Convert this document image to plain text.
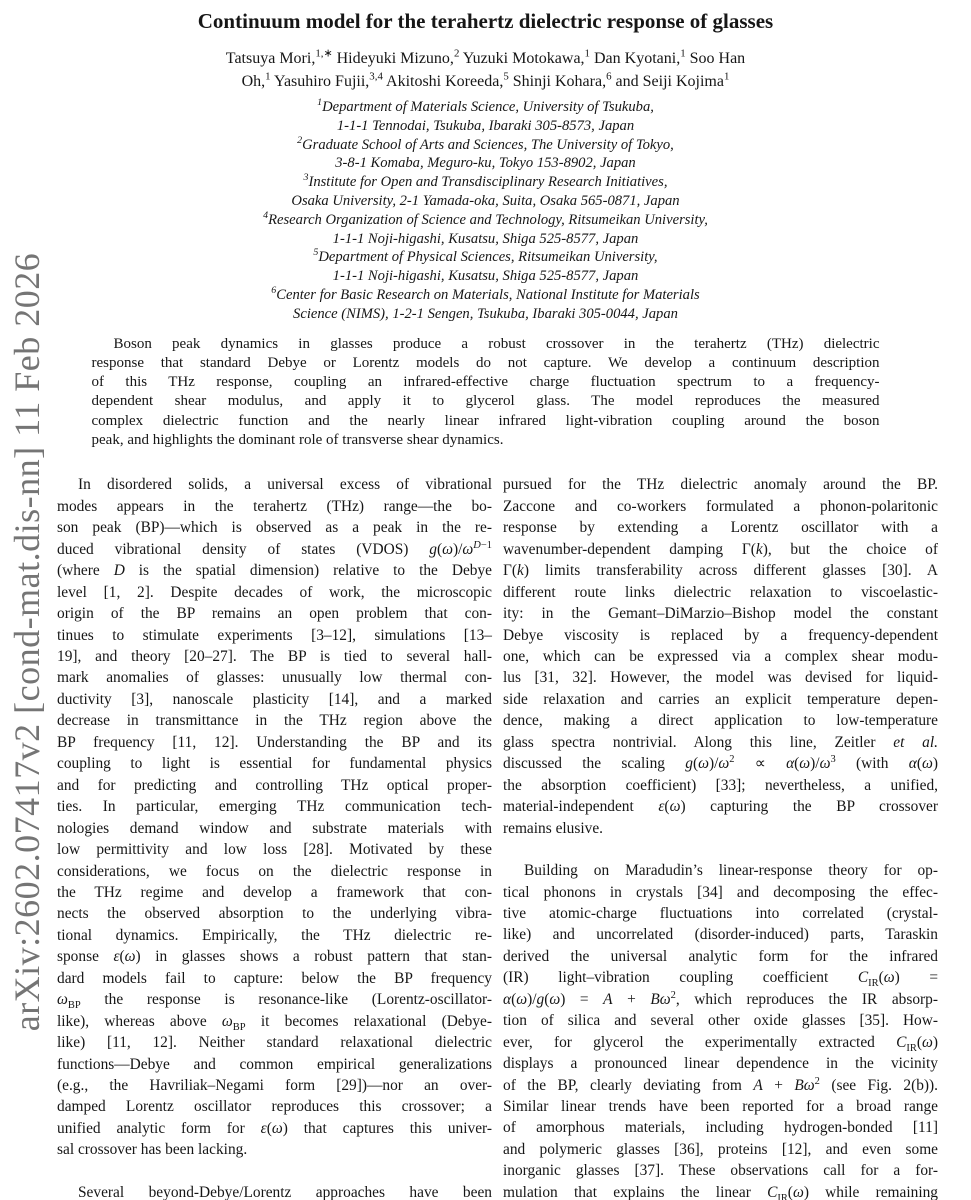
arXiv:2602.07417v2 [cond-mat.dis-nn] 11 Feb 2026
Continuum model for the terahertz dielectric response of glasses
Tatsuya Mori,$^{1,∗}$ Hideyuki Mizuno,$^2$ Yuzuki Motokawa,$^1$ Dan Kyotani,$^1$ Soo Han
Oh,$^1$ Yasuhiro Fujii,$^{3,4}$ Akitoshi Koreeda,$^5$ Shinji Kohara,$^6$ and Seiji Kojima$^1$
$^1$Department of Materials Science, University of Tsukuba,
1-1-1 Tennodai, Tsukuba, Ibaraki 305-8573, Japan
$^2$Graduate School of Arts and Sciences, The University of Tokyo,
3-8-1 Komaba, Meguro-ku, Tokyo 153-8902, Japan
$^3$Institute for Open and Transdisciplinary Research Initiatives,
Osaka University, 2-1 Yamada-oka, Suita, Osaka 565-0871, Japan
$^4$Research Organization of Science and Technology, Ritsumeikan University,
1-1-1 Noji-higashi, Kusatsu, Shiga 525-8577, Japan
$^5$Department of Physical Sciences, Ritsumeikan University,
1-1-1 Noji-higashi, Kusatsu, Shiga 525-8577, Japan
$^6$Center for Basic Research on Materials, National Institute for Materials
Science (NIMS), 1-2-1 Sengen, Tsukuba, Ibaraki 305-0044, Japan
Boson peak dynamics in glasses produce a robust crossover in the terahertz (THz) dielectric
response that standard Debye or Lorentz models do not capture. We develop a continuum description
of this THz response, coupling an infrared-effective charge fluctuation spectrum to a frequency-
dependent shear modulus, and apply it to glycerol glass. The model reproduces the measured
complex dielectric function and the nearly linear infrared light-vibration coupling around the boson
peak, and highlights the dominant role of transverse shear dynamics.
In disordered solids, a universal excess of vibrational
modes appears in the terahertz (THz) range—the bo-
son peak (BP)—which is observed as a peak in the re-
duced vibrational density of states (VDOS) $g(\omega)/\omega^{D-1}$
(where D is the spatial dimension) relative to the Debye
level [1, 2]. Despite decades of work, the microscopic
origin of the BP remains an open problem that con-
tinues to stimulate experiments [3–12], simulations [13–
19], and theory [20–27]. The BP is tied to several hall-
mark anomalies of glasses: unusually low thermal con-
ductivity [3], nanoscale plasticity [14], and a marked
decrease in transmittance in the THz region above the
BP frequency [11, 12]. Understanding the BP and its
coupling to light is essential for fundamental physics
and for predicting and controlling THz optical proper-
ties. In particular, emerging THz communication tech-
nologies demand window and substrate materials with
low permittivity and low loss [28]. Motivated by these
considerations, we focus on the dielectric response in
the THz regime and develop a framework that con-
nects the observed absorption to the underlying vibra-
tional dynamics. Empirically, the THz dielectric re-
sponse ε(ω) in glasses shows a robust pattern that stan-
dard models fail to capture: below the BP frequency
$\omega_{BP}$ the response is resonance-like (Lorentz-oscillator-
like), whereas above $\omega_{BP}$ it becomes relaxational (Debye-
like) [11, 12]. Neither standard relaxational dielectric
functions—Debye and common empirical generalizations
(e.g., the Havriliak–Negami form [29])—nor an over-
damped Lorentz oscillator reproduces this crossover; a
unified analytic form for ε(ω) that captures this univer-
sal crossover has been lacking.
Several beyond-Debye/Lorentz approaches have been
pursued for the THz dielectric anomaly around the BP.
Zaccone and co-workers formulated a phonon-polaritonic
response by extending a Lorentz oscillator with a
wavenumber-dependent damping Γ(k), but the choice of
Γ(k) limits transferability across different glasses [30]. A
different route links dielectric relaxation to viscoelastic-
ity: in the Gemant–DiMarzio–Bishop model the constant
Debye viscosity is replaced by a frequency-dependent
one, which can be expressed via a complex shear modu-
lus [31, 32]. However, the model was devised for liquid-
side relaxation and carries an explicit temperature depen-
dence, making a direct application to low-temperature
glass spectra nontrivial. Along this line, Zeitler et al.
discussed the scaling $g(\omega)/\omega^2 \propto \alpha(\omega)/\omega^3$ (with α(ω)
the absorption coefficient) [33]; nevertheless, a unified,
material-independent ε(ω) capturing the BP crossover
remains elusive.
Building on Maradudin’s linear-response theory for op-
tical phonons in crystals [34] and decomposing the effec-
tive atomic-charge fluctuations into correlated (crystal-
like) and uncorrelated (disorder-induced) parts, Taraskin
derived the universal analytic form for the infrared
(IR) light–vibration coupling coefficient $C_{IR}(\omega)$ =
$\alpha(\omega)/g(\omega) = A + B\omega^2$, which reproduces the IR absorp-
tion of silica and several other oxide glasses [35]. How-
ever, for glycerol the experimentally extracted $C_{IR}(\omega)$
displays a pronounced linear dependence in the vicinity
of the BP, clearly deviating from $A + B\omega^2$ (see Fig. 2(b)).
Similar linear trends have been reported for a broad range
of amorphous materials, including hydrogen-bonded [11]
and polymeric glasses [36], proteins [12], and even some
inorganic glasses [37]. These observations call for a for-
mulation that explains the linear $C_{IR}(\omega)$ while remaining
